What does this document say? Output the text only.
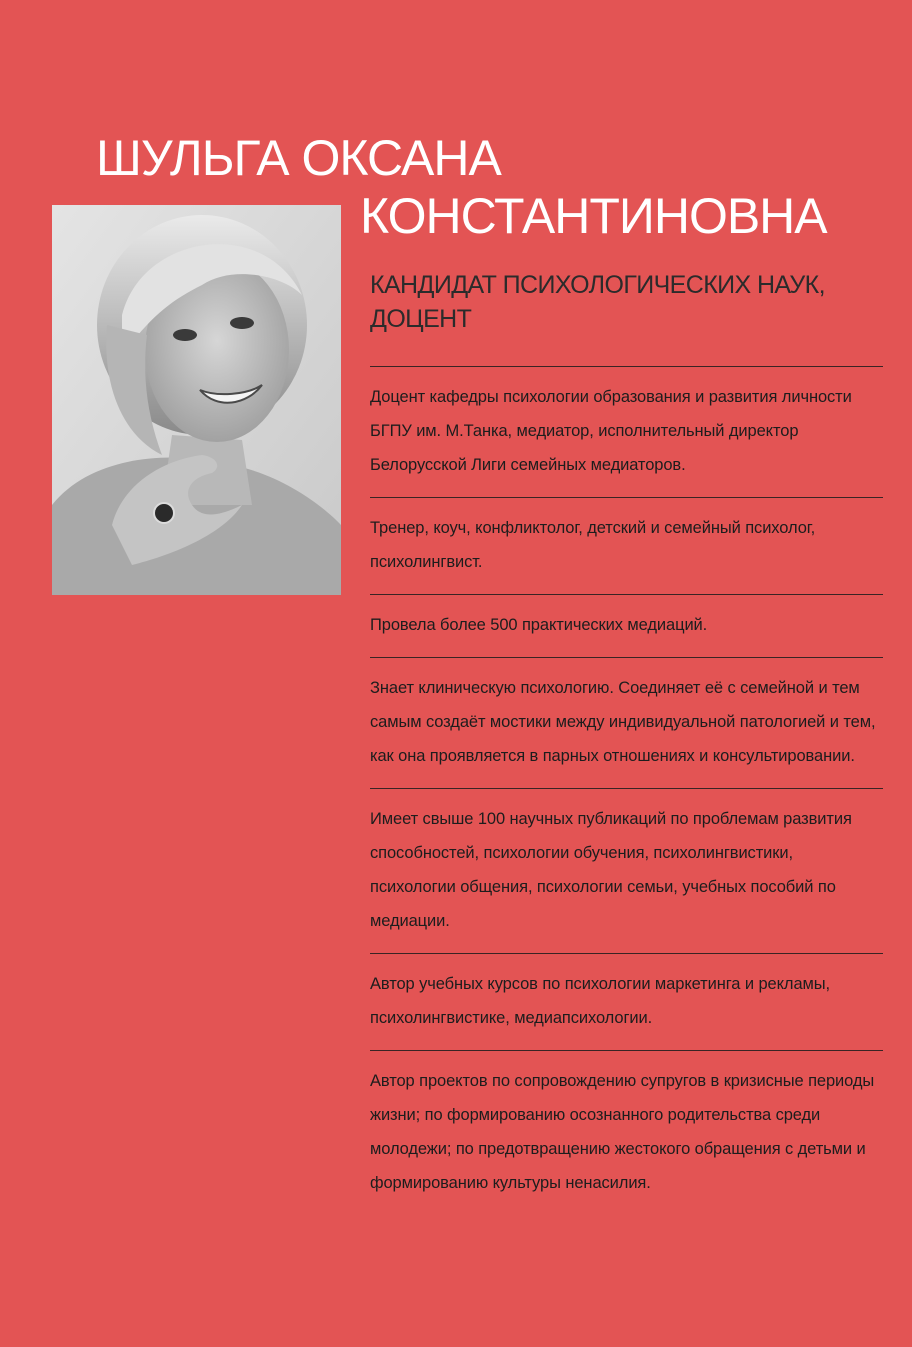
ШУЛЬГА ОКСАНА
КОНСТАНТИНОВНА

КАНДИДАТ ПСИХОЛОГИЧЕСКИХ НАУК, ДОЦЕНТ

Доцент кафедры психологии образования и развития личности БГПУ им. М.Танка, медиатор, исполнительный директор Белорусской Лиги семейных медиаторов.

Тренер, коуч, конфликтолог, детский и семейный психолог, психолингвист.

Провела более 500 практических медиаций.

Знает клиническую психологию. Соединяет её с семейной и тем самым создаёт мостики между индивидуальной патологией и тем, как она проявляется в парных отношениях и консультировании.

Имеет свыше 100 научных публикаций по проблемам развития способностей, психологии обучения, психолингвистики, психологии общения, психологии семьи, учебных пособий по медиации.

Автор учебных курсов по психологии маркетинга и рекламы, психолингвистике, медиапсихологии.

Автор проектов по сопровождению супругов в кризисные периоды жизни; по формированию осознанного родительства среди молодежи; по предотвращению жестокого обращения с детьми и формированию культуры ненасилия.
